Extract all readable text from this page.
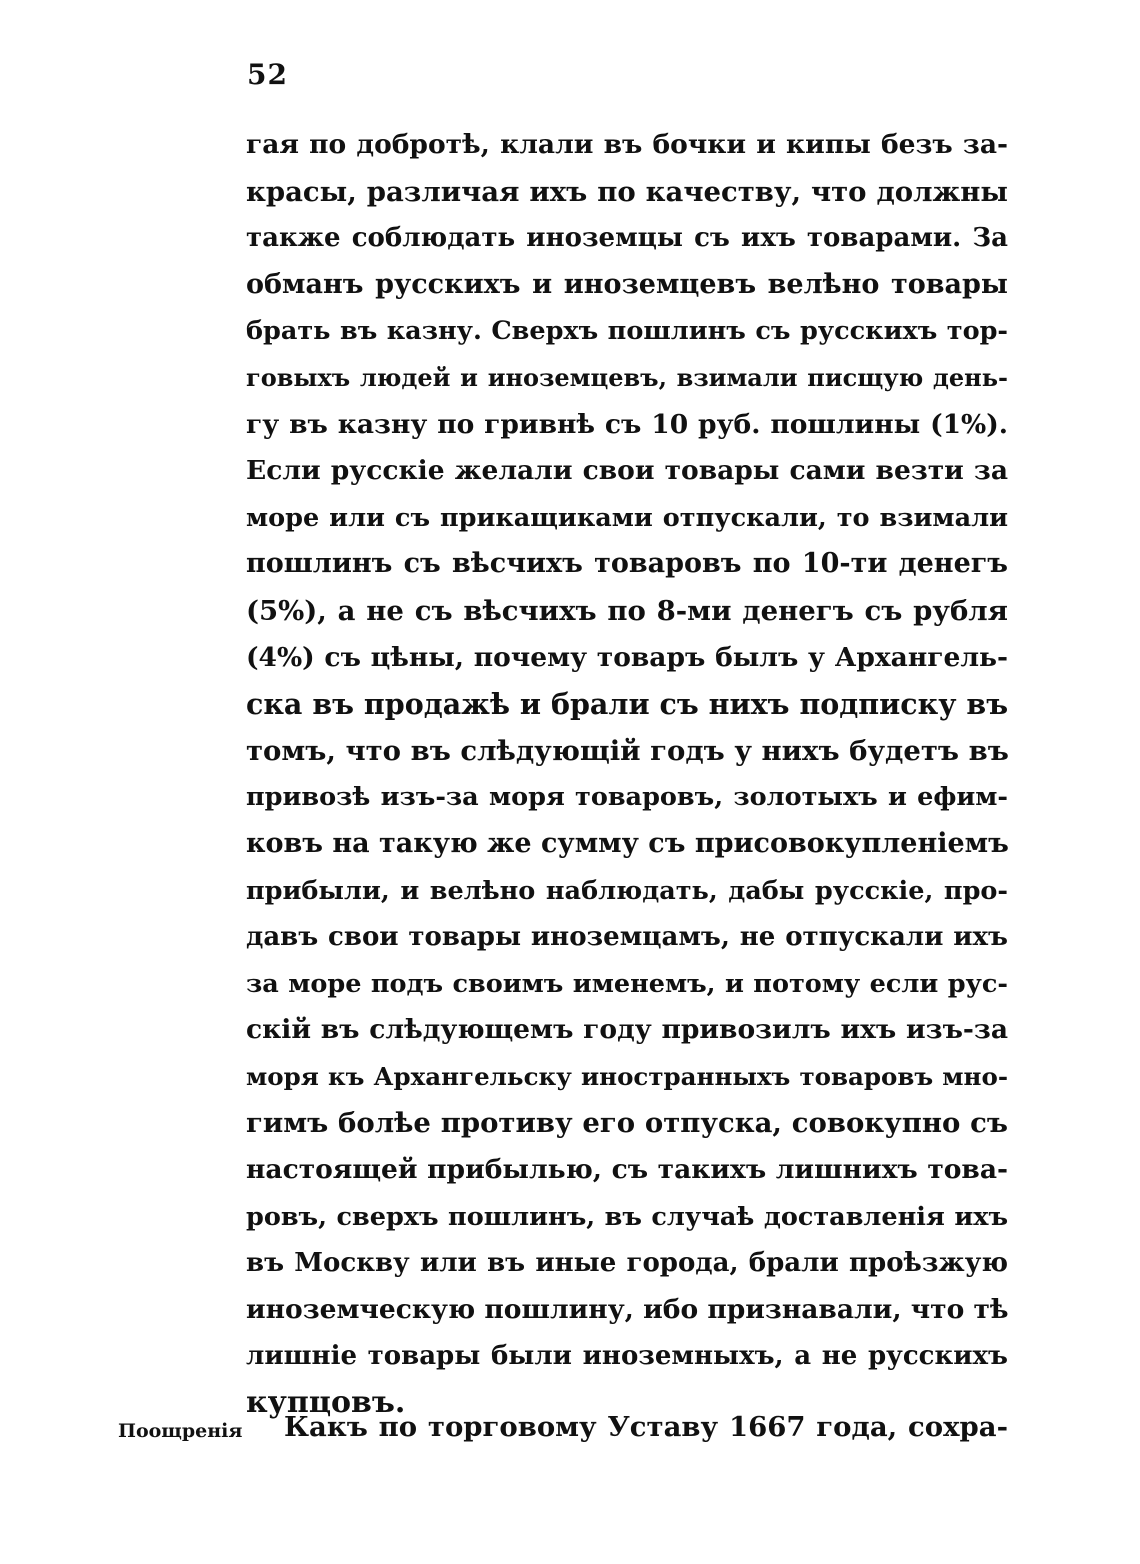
52
гая по добротѣ, клали въ бочки и кипы безъ за-
красы, различая ихъ по качеству, что должны
также соблюдать иноземцы съ ихъ товарами. За
обманъ русскихъ и иноземцевъ велѣно товары
брать въ казну. Сверхъ пошлинъ съ русскихъ тор-
говыхъ людей и иноземцевъ, взимали писщую день-
гу въ казну по гривнѣ съ 10 руб. пошлины (1%).
Если русскіе желали свои товары сами везти за
море или съ прикащиками отпускали, то взимали
пошлинъ съ вѣсчихъ товаровъ по 10-ти денегъ
(5%), а не съ вѣсчихъ по 8-ми денегъ съ рубля
(4%) съ цѣны, почему товаръ былъ у Архангель-
ска въ продажѣ и брали съ нихъ подписку въ
томъ, что въ слѣдующій годъ у нихъ будетъ въ
привозѣ изъ-за моря товаровъ, золотыхъ и ефим-
ковъ на такую же сумму съ присовокупленіемъ
прибыли, и велѣно наблюдать, дабы русскіе, про-
давъ свои товары иноземцамъ, не отпускали ихъ
за море подъ своимъ именемъ, и потому если рус-
скій въ слѣдующемъ году привозилъ ихъ изъ-за
моря къ Архангельску иностранныхъ товаровъ мно-
гимъ болѣе противу его отпуска, совокупно съ
настоящей прибылью, съ такихъ лишнихъ това-
ровъ, сверхъ пошлинъ, въ случаѣ доставленія ихъ
въ Москву или въ иные города, брали проѣзжую
иноземческую пошлину, ибо признавали, что тѣ
лишніе товары были иноземныхъ, а не русскихъ
купцовъ.
Поощренія	Какъ по торговому Уставу 1667 года, сохра-
